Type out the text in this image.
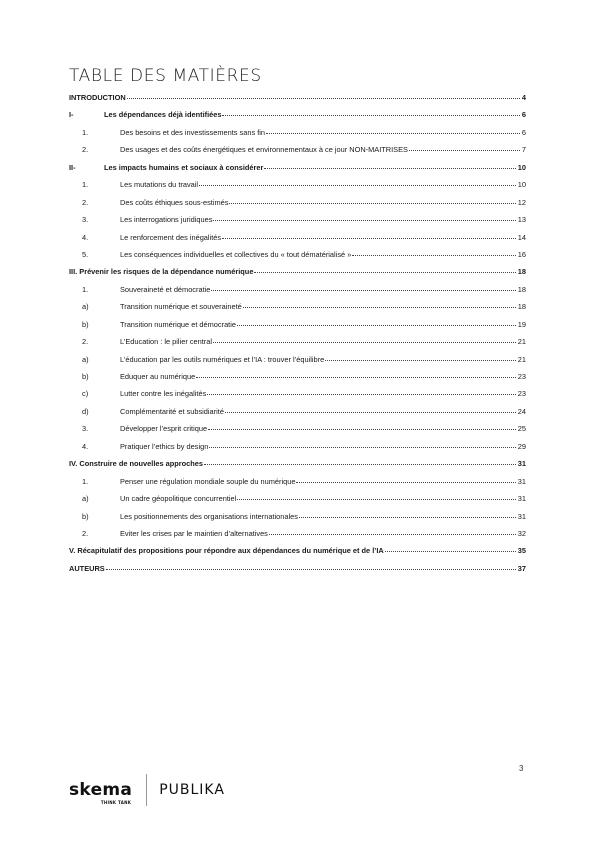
TABLE DES MATIÈRES
INTRODUCTION	4
I-	Les dépendances déjà identifiées	6
1.	Des besoins et des investissements sans fin	6
2.	Des usages et des coûts énergétiques et environnementaux à ce jour NON-MAITRISES	7
II-	Les impacts humains et sociaux à considérer	10
1.	Les mutations du travail	10
2.	Des coûts éthiques sous-estimés	12
3.	Les interrogations juridiques	13
4.	Le renforcement des inégalités	14
5.	Les conséquences individuelles et collectives du « tout dématérialisé »	16
III. Prévenir les risques de la dépendance numérique	18
1.	Souveraineté et démocratie	18
a)	Transition numérique et souveraineté	18
b)	Transition numérique et démocratie	19
2.	L’Education : le pilier central	21
a)	L’éducation par les outils numériques et l’IA : trouver l’équilibre	21
b)	Eduquer au numérique	23
c)	Lutter contre les inégalités	23
d)	Complémentarité et subsidiarité	24
3.	Développer l’esprit critique	25
4.	Pratiquer l’ethics by design	29
IV. Construire de nouvelles approches	31
1.	Penser une régulation mondiale souple du numérique	31
a)	Un cadre géopolitique concurrentiel	31
b)	Les positionnements des organisations internationales	31
2.	Eviter les crises par le maintien d’alternatives	32
V. Récapitulatif des propositions pour répondre aux dépendances du numérique et de l’IA	35
AUTEURS	37
3
skema
THINK TANK
PUBLIKA
